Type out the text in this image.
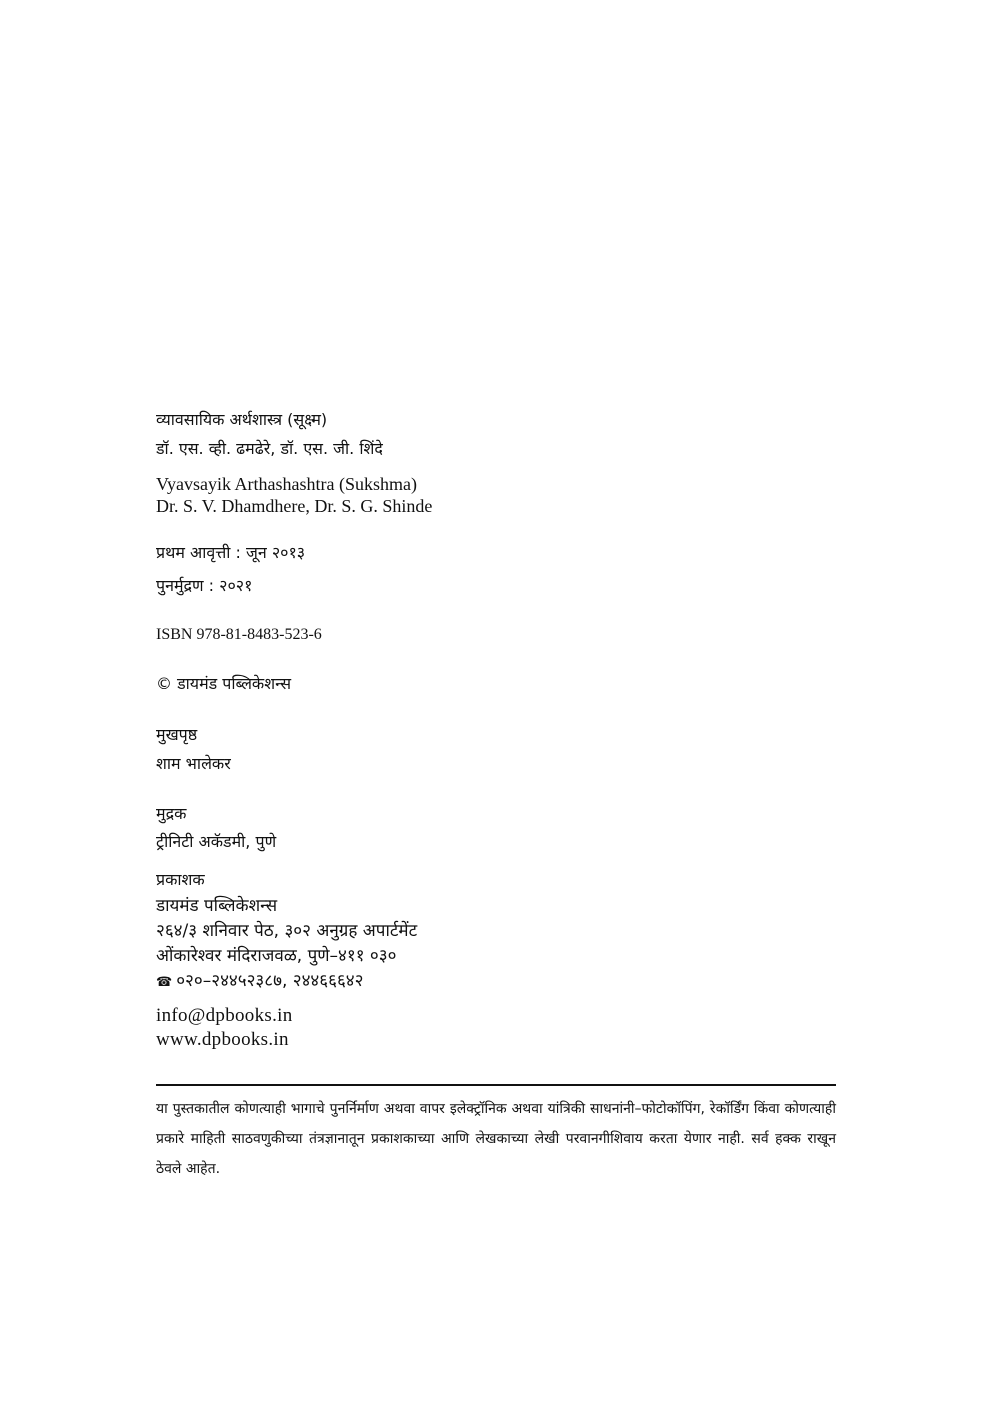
व्यावसायिक अर्थशास्त्र (सूक्ष्म)
डॉ. एस. व्ही. ढमढेरे, डॉ. एस. जी. शिंदे
Vyavsayik Arthashashtra (Sukshma)
Dr. S. V. Dhamdhere, Dr. S. G. Shinde
प्रथम आवृत्ती : जून २०१३
पुनर्मुद्रण : २०२१
ISBN 978-81-8483-523-6
© डायमंड पब्लिकेशन्स
मुखपृष्ठ
शाम भालेकर
मुद्रक
ट्रीनिटी अकॅडमी, पुणे
प्रकाशक
डायमंड पब्लिकेशन्स
२६४/३ शनिवार पेठ, ३०२ अनुग्रह अपार्टमेंट
ओंकारेश्वर मंदिराजवळ, पुणे–४११ ०३०
☎ ०२०–२४४५२३८७, २४४६६६४२
info@dpbooks.in
www.dpbooks.in
या पुस्तकातील कोणत्याही भागाचे पुनर्निर्माण अथवा वापर इलेक्ट्रॉनिक अथवा यांत्रिकी साधनांनी–फोटोकॉपिंग, रेकॉर्डिंग किंवा कोणत्याही प्रकारे माहिती साठवणुकीच्या तंत्रज्ञानातून प्रकाशकाच्या आणि लेखकाच्या लेखी परवानगीशिवाय करता येणार नाही. सर्व हक्क राखून ठेवले आहेत.
